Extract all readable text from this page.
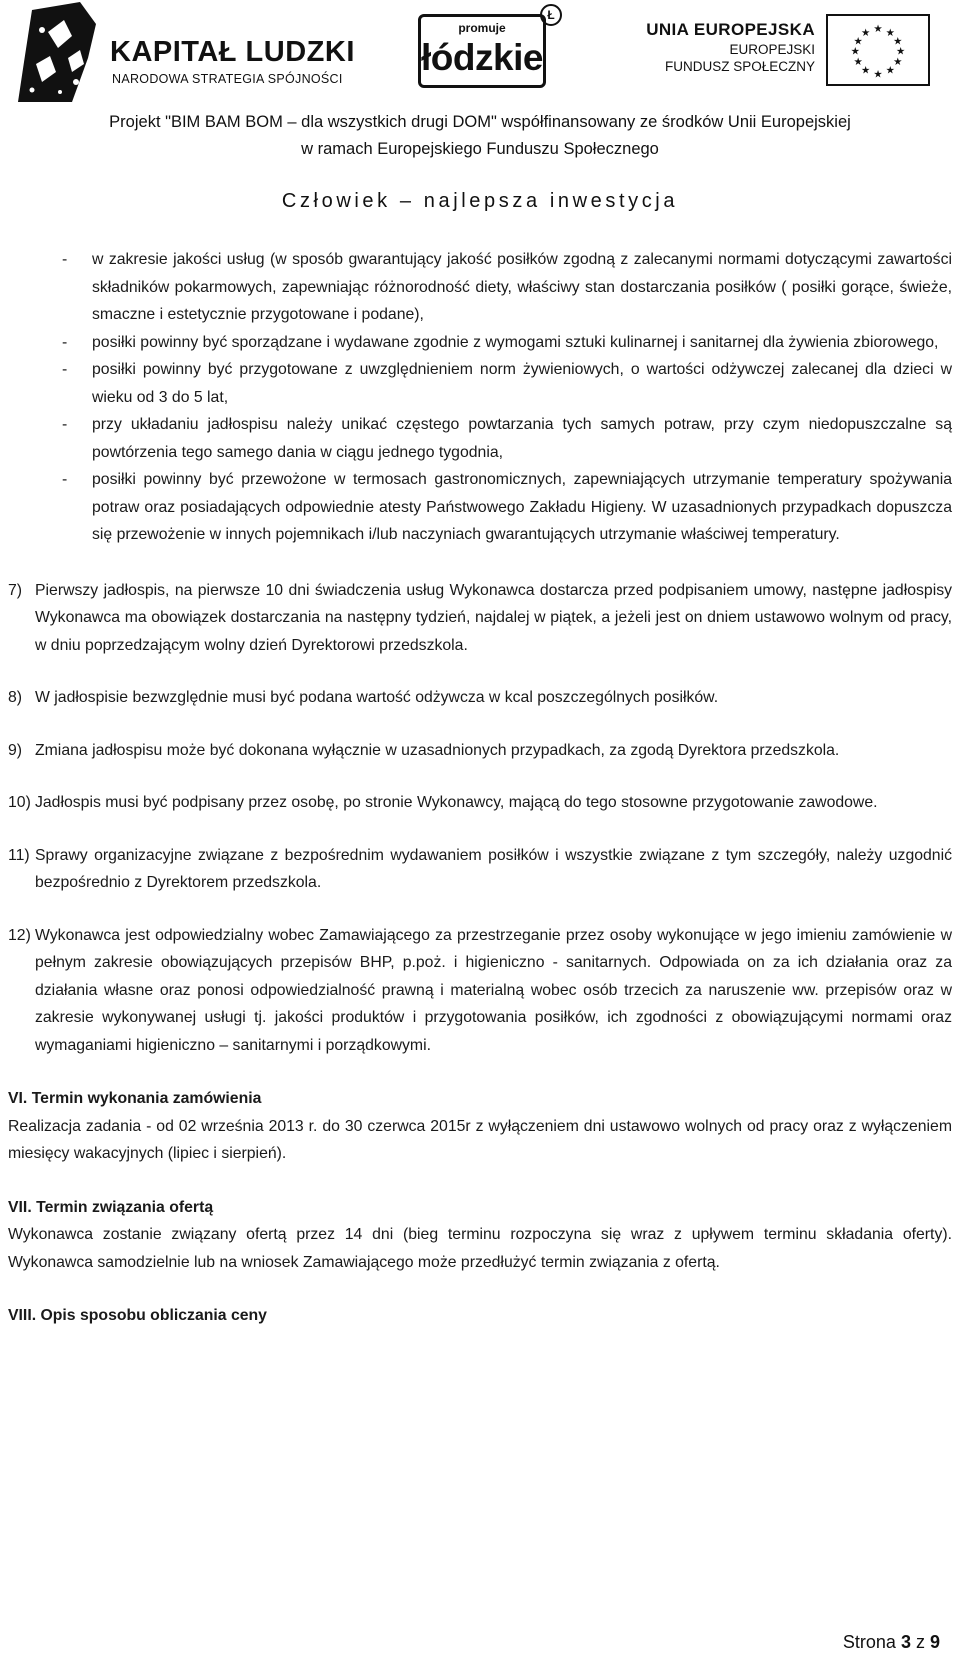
KAPITAŁ LUDZKI
NARODOWA STRATEGIA SPÓJNOŚCI
promuje
łódzkie
Ł
UNIA EUROPEJSKA
EUROPEJSKI
FUNDUSZ SPOŁECZNY
★ ★
★
★
★
★
★
★
★
★
★
★
Projekt "BIM BAM BOM – dla wszystkich drugi DOM" współfinansowany ze środków Unii Europejskiej
w ramach Europejskiego Funduszu Społecznego
Człowiek – najlepsza inwestycja
- w zakresie jakości usług (w sposób gwarantujący jakość posiłków zgodną z zalecanymi normami dotyczącymi zawartości składników pokarmowych, zapewniając różnorodność diety, właściwy stan dostarczania posiłków ( posiłki gorące, świeże, smaczne i estetycznie przygotowane i podane),
- posiłki powinny być sporządzane i wydawane zgodnie z wymogami sztuki kulinarnej i sanitarnej dla żywienia zbiorowego,
- posiłki powinny być przygotowane z uwzględnieniem norm żywieniowych, o wartości odżywczej zalecanej dla dzieci w wieku od 3 do 5 lat,
- przy układaniu jadłospisu należy unikać częstego powtarzania tych samych potraw, przy czym niedopuszczalne są powtórzenia tego samego dania w ciągu jednego tygodnia,
- posiłki powinny być przewożone w termosach gastronomicznych, zapewniających utrzymanie temperatury spożywania potraw oraz posiadających odpowiednie atesty Państwowego Zakładu Higieny. W uzasadnionych przypadkach dopuszcza się przewożenie w innych pojemnikach i/lub naczyniach gwarantujących utrzymanie właściwej temperatury.
7) Pierwszy jadłospis, na pierwsze 10 dni świadczenia usług Wykonawca dostarcza przed podpisaniem umowy, następne jadłospisy Wykonawca ma obowiązek dostarczania na następny tydzień, najdalej w piątek, a jeżeli jest on dniem ustawowo wolnym od pracy, w dniu poprzedzającym wolny dzień Dyrektorowi przedszkola.
8) W jadłospisie bezwzględnie musi być podana wartość odżywcza w kcal poszczególnych posiłków.
9) Zmiana jadłospisu może być dokonana wyłącznie w uzasadnionych przypadkach, za zgodą Dyrektora przedszkola.
10) Jadłospis musi być podpisany przez osobę, po stronie Wykonawcy, mającą do tego stosowne przygotowanie zawodowe.
11) Sprawy organizacyjne związane z bezpośrednim wydawaniem posiłków i wszystkie związane z tym szczegóły, należy uzgodnić bezpośrednio z Dyrektorem przedszkola.
12) Wykonawca jest odpowiedzialny wobec Zamawiającego za przestrzeganie przez osoby wykonujące w jego imieniu zamówienie w pełnym zakresie obowiązujących przepisów BHP, p.poż. i higieniczno - sanitarnych. Odpowiada on za ich działania oraz za działania własne oraz ponosi odpowiedzialność prawną i materialną wobec osób trzecich za naruszenie ww. przepisów oraz w zakresie wykonywanej usługi tj. jakości produktów i przygotowania posiłków, ich zgodności z obowiązującymi normami oraz wymaganiami higieniczno – sanitarnymi i porządkowymi.
VI. Termin wykonania zamówienia
Realizacja zadania - od 02 września 2013 r. do 30 czerwca 2015r z wyłączeniem dni ustawowo wolnych od pracy oraz z wyłączeniem miesięcy wakacyjnych (lipiec i sierpień).
VII. Termin związania ofertą
Wykonawca zostanie związany ofertą przez 14 dni (bieg terminu rozpoczyna się wraz z upływem terminu składania oferty). Wykonawca samodzielnie lub na wniosek Zamawiającego może przedłużyć termin związania z ofertą.
VIII. Opis sposobu obliczania ceny
Strona 3 z 9
